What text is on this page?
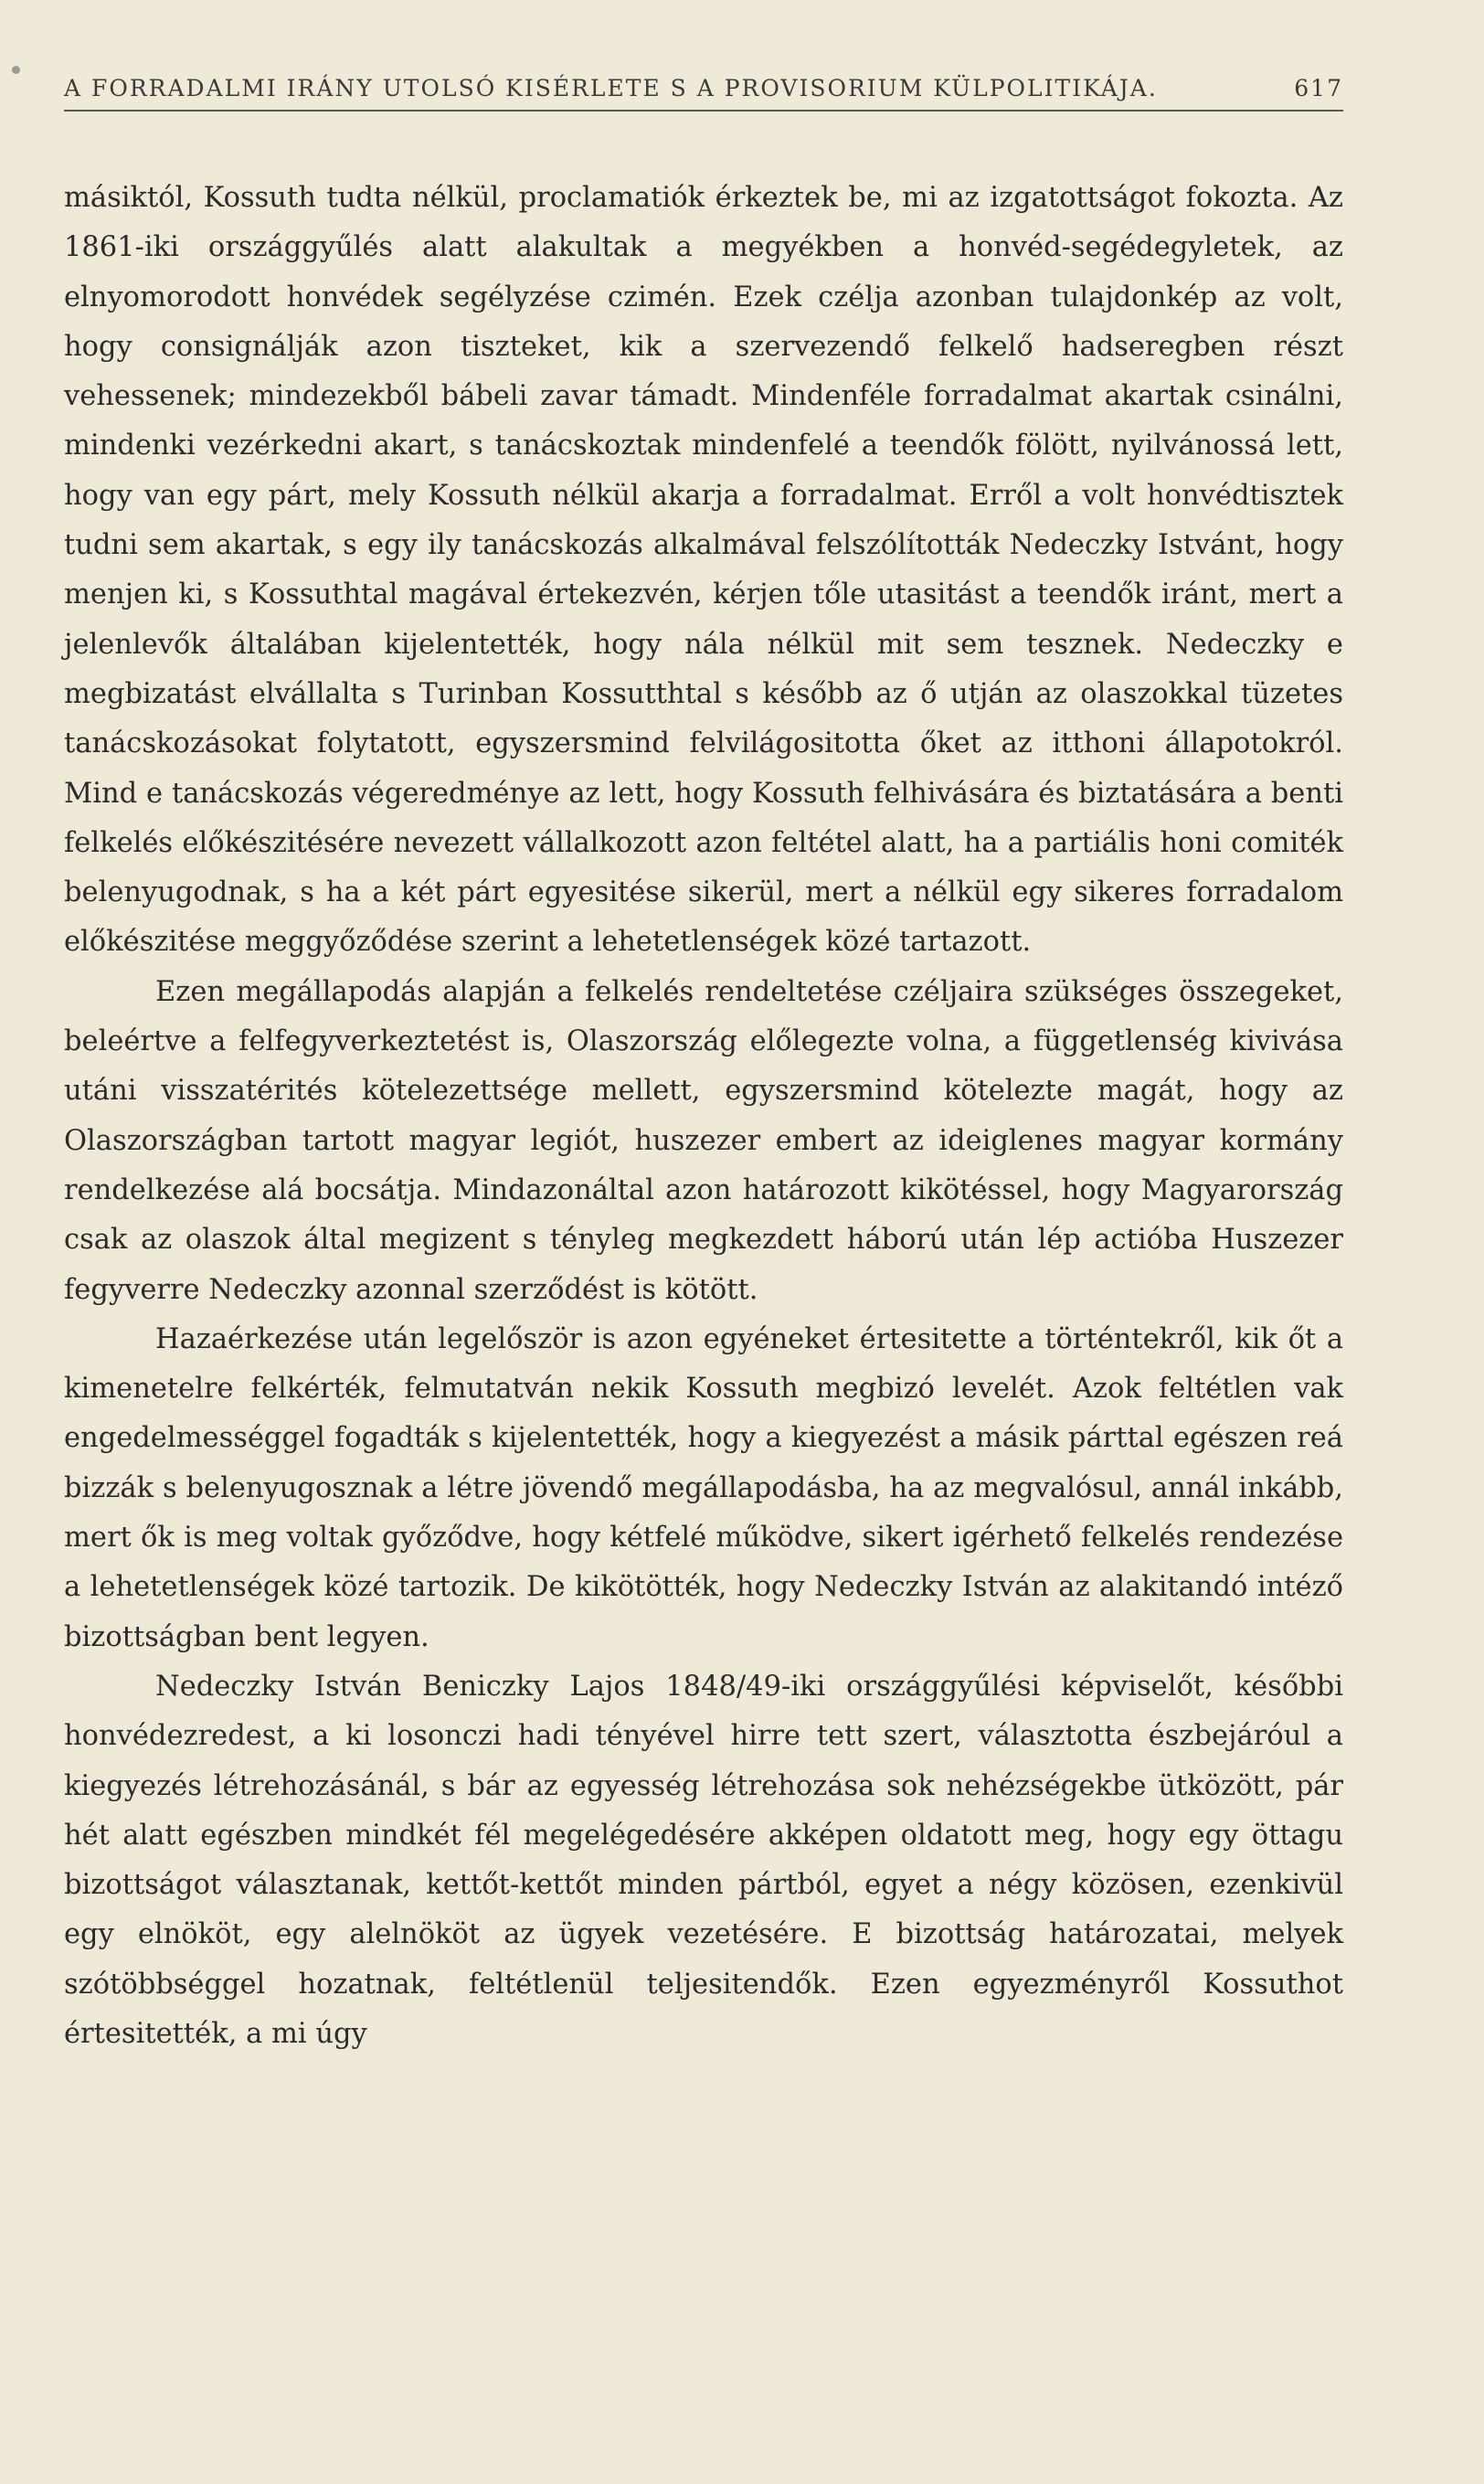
A FORRADALMI IRÁNY UTOLSÓ KISÉRLETE S A PROVISORIUM KÜLPOLITIKÁJA.	617

másiktól, Kossuth tudta nélkül, proclamatiók érkeztek be, mi az izgatottságot fokozta. Az 1861-iki országgyűlés alatt alakultak a megyékben a honvéd-segédegyletek, az elnyomorodott honvédek segélyzése czimén. Ezek czélja azonban tulajdonkép az volt, hogy consignálják azon tiszteket, kik a szervezendő felkelő hadseregben részt vehessenek; mindezekből bábeli zavar támadt. Mindenféle forradalmat akartak csinálni, mindenki vezérkedni akart, s tanácskoztak mindenfelé a teendők fölött, nyilvánossá lett, hogy van egy párt, mely Kossuth nélkül akarja a forradalmat. Erről a volt honvédtisztek tudni sem akartak, s egy ily tanácskozás alkalmával felszólították Nedeczky Istvánt, hogy menjen ki, s Kossuthtal magával értekezvén, kérjen tőle utasitást a teendők iránt, mert a jelenlevők általában kijelentették, hogy nála nélkül mit sem tesznek. Nedeczky e megbizatást elvállalta s Turinban Kossutthtal s később az ő utján az olaszokkal tüzetes tanácskozásokat folytatott, egyszersmind felvilágositotta őket az itthoni állapotokról. Mind e tanácskozás végeredménye az lett, hogy Kossuth felhivására és biztatására a benti felkelés előkészitésére nevezett vállalkozott azon feltétel alatt, ha a partiális honi comiték belenyugodnak, s ha a két párt egyesitése sikerül, mert a nélkül egy sikeres forradalom előkészitése meggyőződése szerint a lehetetlenségek közé tartazott.

Ezen megállapodás alapján a felkelés rendeltetése czéljaira szükséges összegeket, beleértve a felfegyverkeztetést is, Olaszország előlegezte volna, a függetlenség kivivása utáni visszatérités kötelezettsége mellett, egyszersmind kötelezte magát, hogy az Olaszországban tartott magyar legiót, huszezer embert az ideiglenes magyar kormány rendelkezése alá bocsátja. Mindazonáltal azon határozott kikötéssel, hogy Magyarország csak az olaszok által megizent s tényleg megkezdett háború után lép actióba Huszezer fegyverre Nedeczky azonnal szerződést is kötött.

Hazaérkezése után legelőször is azon egyéneket értesitette a történtekről, kik őt a kimenetelre felkérték, felmutatván nekik Kossuth megbizó levelét. Azok feltétlen vak engedelmességgel fogadták s kijelentették, hogy a kiegyezést a másik párttal egészen reá bizzák s belenyugosznak a létre jövendő megállapodásba, ha az megvalósul, annál inkább, mert ők is meg voltak győződve, hogy kétfelé működve, sikert igérhető felkelés rendezése a lehetetlenségek közé tartozik. De kikötötték, hogy Nedeczky István az alakitandó intéző bizottságban bent legyen.

Nedeczky István Beniczky Lajos 1848/49-iki országgyűlési képviselőt, későbbi honvédezredest, a ki losonczi hadi tényével hirre tett szert, választotta észbejáróul a kiegyezés létrehozásánál, s bár az egyesség létrehozása sok nehézségekbe ütközött, pár hét alatt egészben mindkét fél megelégedésére akképen oldatott meg, hogy egy öttagu bizottságot választanak, kettőt-kettőt minden pártból, egyet a négy közösen, ezenkivül egy elnököt, egy alelnököt az ügyek vezetésére. E bizottság határozatai, melyek szótöbbséggel hozatnak, feltétlenül teljesitendők. Ezen egyezményről Kossuthot értesitették, a mi úgy
